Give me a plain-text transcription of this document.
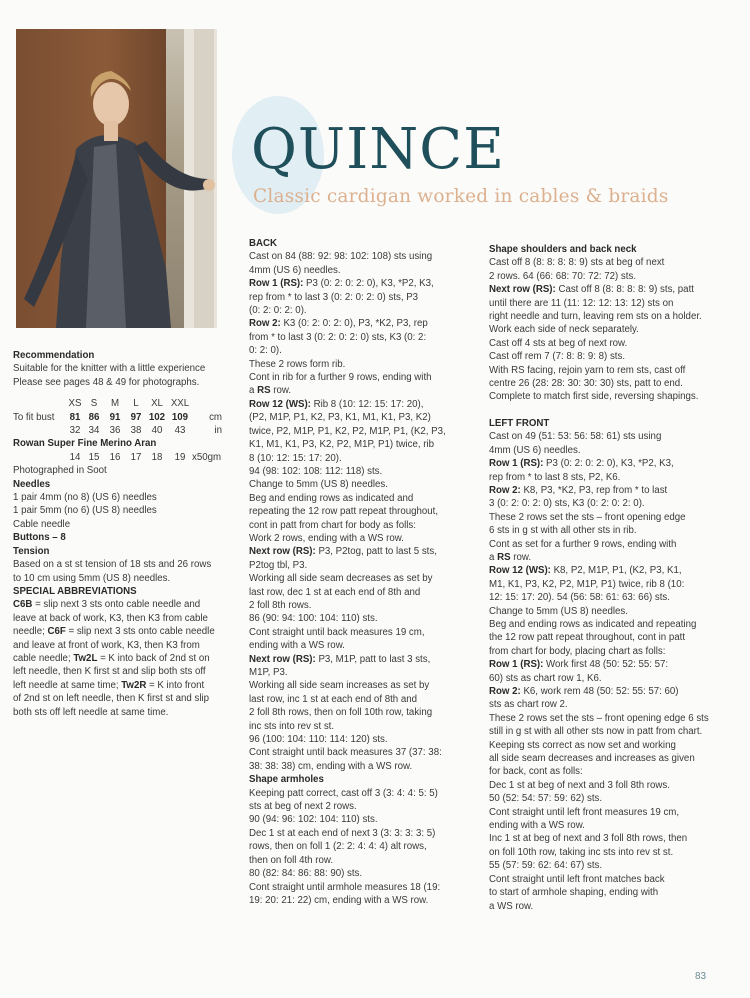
QUINCE
Classic cardigan worked in cables & braids

Recommendation

Suitable for the knitter with a little experience

Please see pages 48 & 49 for photographs.

	XS	S	M	L	XL	XXL	
To fit bust	81	86	91	97	102	109	cm
	32	34	36	38	40	43	in

Rowan Super Fine Merino Aran

	14	15	16	17	18	19	x50gm

Photographed in Soot

Needles

1 pair 4mm (no 8) (US 6) needles

1 pair 5mm (no 6) (US 8) needles

Cable needle

Buttons – 8

Tension

Based on a st st tension of 18 sts and 26 rows

to 10 cm using 5mm (US 8) needles.

SPECIAL ABBREVIATIONS

C6B = slip next 3 sts onto cable needle and

leave at back of work, K3, then K3 from cable

needle; C6F = slip next 3 sts onto cable needle

and leave at front of work, K3, then K3 from

cable needle; Tw2L = K into back of 2nd st on

left needle, then K first st and slip both sts off

left needle at same time; Tw2R = K into front

of 2nd st on left needle, then K first st and slip

both sts off left needle at same time.

BACK

Cast on 84 (88: 92: 98: 102: 108) sts using

4mm (US 6) needles.

Row 1 (RS): P3 (0: 2: 0: 2: 0), K3, *P2, K3,

rep from * to last 3 (0: 2: 0: 2: 0) sts, P3

(0: 2: 0: 2: 0).

Row 2: K3 (0: 2: 0: 2: 0), P3, *K2, P3, rep

from * to last 3 (0: 2: 0: 2: 0) sts, K3 (0: 2:

0: 2: 0).

These 2 rows form rib.

Cont in rib for a further 9 rows, ending with

a RS row.

Row 12 (WS): Rib 8 (10: 12: 15: 17: 20),

(P2, M1P, P1, K2, P3, K1, M1, K1, P3, K2)

twice, P2, M1P, P1, K2, P2, M1P, P1, (K2, P3,

K1, M1, K1, P3, K2, P2, M1P, P1) twice, rib

8 (10: 12: 15: 17: 20).

94 (98: 102: 108: 112: 118) sts.

Change to 5mm (US 8) needles.

Beg and ending rows as indicated and

repeating the 12 row patt repeat throughout,

cont in patt from chart for body as folls:

Work 2 rows, ending with a WS row.

Next row (RS): P3, P2tog, patt to last 5 sts,

P2tog tbl, P3.

Working all side seam decreases as set by

last row, dec 1 st at each end of 8th and

2 foll 8th rows.

86 (90: 94: 100: 104: 110) sts.

Cont straight until back measures 19 cm,

ending with a WS row.

Next row (RS): P3, M1P, patt to last 3 sts,

M1P, P3.

Working all side seam increases as set by

last row, inc 1 st at each end of 8th and

2 foll 8th rows, then on foll 10th row, taking

inc sts into rev st st.

96 (100: 104: 110: 114: 120) sts.

Cont straight until back measures 37 (37: 38:

38: 38: 38) cm, ending with a WS row.

Shape armholes

Keeping patt correct, cast off 3 (3: 4: 4: 5: 5)

sts at beg of next 2 rows.

90 (94: 96: 102: 104: 110) sts.

Dec 1 st at each end of next 3 (3: 3: 3: 3: 5)

rows, then on foll 1 (2: 2: 4: 4: 4) alt rows,

then on foll 4th row.

80 (82: 84: 86: 88: 90) sts.

Cont straight until armhole measures 18 (19:

19: 20: 21: 22) cm, ending with a WS row.

Shape shoulders and back neck

Cast off 8 (8: 8: 8: 8: 9) sts at beg of next

2 rows. 64 (66: 68: 70: 72: 72) sts.

Next row (RS): Cast off 8 (8: 8: 8: 8: 9) sts, patt

until there are 11 (11: 12: 12: 13: 12) sts on

right needle and turn, leaving rem sts on a holder.

Work each side of neck separately.

Cast off 4 sts at beg of next row.

Cast off rem 7 (7: 8: 8: 9: 8) sts.

With RS facing, rejoin yarn to rem sts, cast off

centre 26 (28: 28: 30: 30: 30) sts, patt to end.

Complete to match first side, reversing shapings.

LEFT FRONT

Cast on 49 (51: 53: 56: 58: 61) sts using

4mm (US 6) needles.

Row 1 (RS): P3 (0: 2: 0: 2: 0), K3, *P2, K3,

rep from * to last 8 sts, P2, K6.

Row 2: K8, P3, *K2, P3, rep from * to last

3 (0: 2: 0: 2: 0) sts, K3 (0: 2: 0: 2: 0).

These 2 rows set the sts – front opening edge

6 sts in g st with all other sts in rib.

Cont as set for a further 9 rows, ending with

a RS row.

Row 12 (WS): K8, P2, M1P, P1, (K2, P3, K1,

M1, K1, P3, K2, P2, M1P, P1) twice, rib 8 (10:

12: 15: 17: 20). 54 (56: 58: 61: 63: 66) sts.

Change to 5mm (US 8) needles.

Beg and ending rows as indicated and repeating

the 12 row patt repeat throughout, cont in patt

from chart for body, placing chart as folls:

Row 1 (RS): Work first 48 (50: 52: 55: 57:

60) sts as chart row 1, K6.

Row 2: K6, work rem 48 (50: 52: 55: 57: 60)

sts as chart row 2.

These 2 rows set the sts – front opening edge 6 sts

still in g st with all other sts now in patt from chart.

Keeping sts correct as now set and working

all side seam decreases and increases as given

for back, cont as folls:

Dec 1 st at beg of next and 3 foll 8th rows.

50 (52: 54: 57: 59: 62) sts.

Cont straight until left front measures 19 cm,

ending with a WS row.

Inc 1 st at beg of next and 3 foll 8th rows, then

on foll 10th row, taking inc sts into rev st st.

55 (57: 59: 62: 64: 67) sts.

Cont straight until left front matches back

to start of armhole shaping, ending with

a WS row.

83
